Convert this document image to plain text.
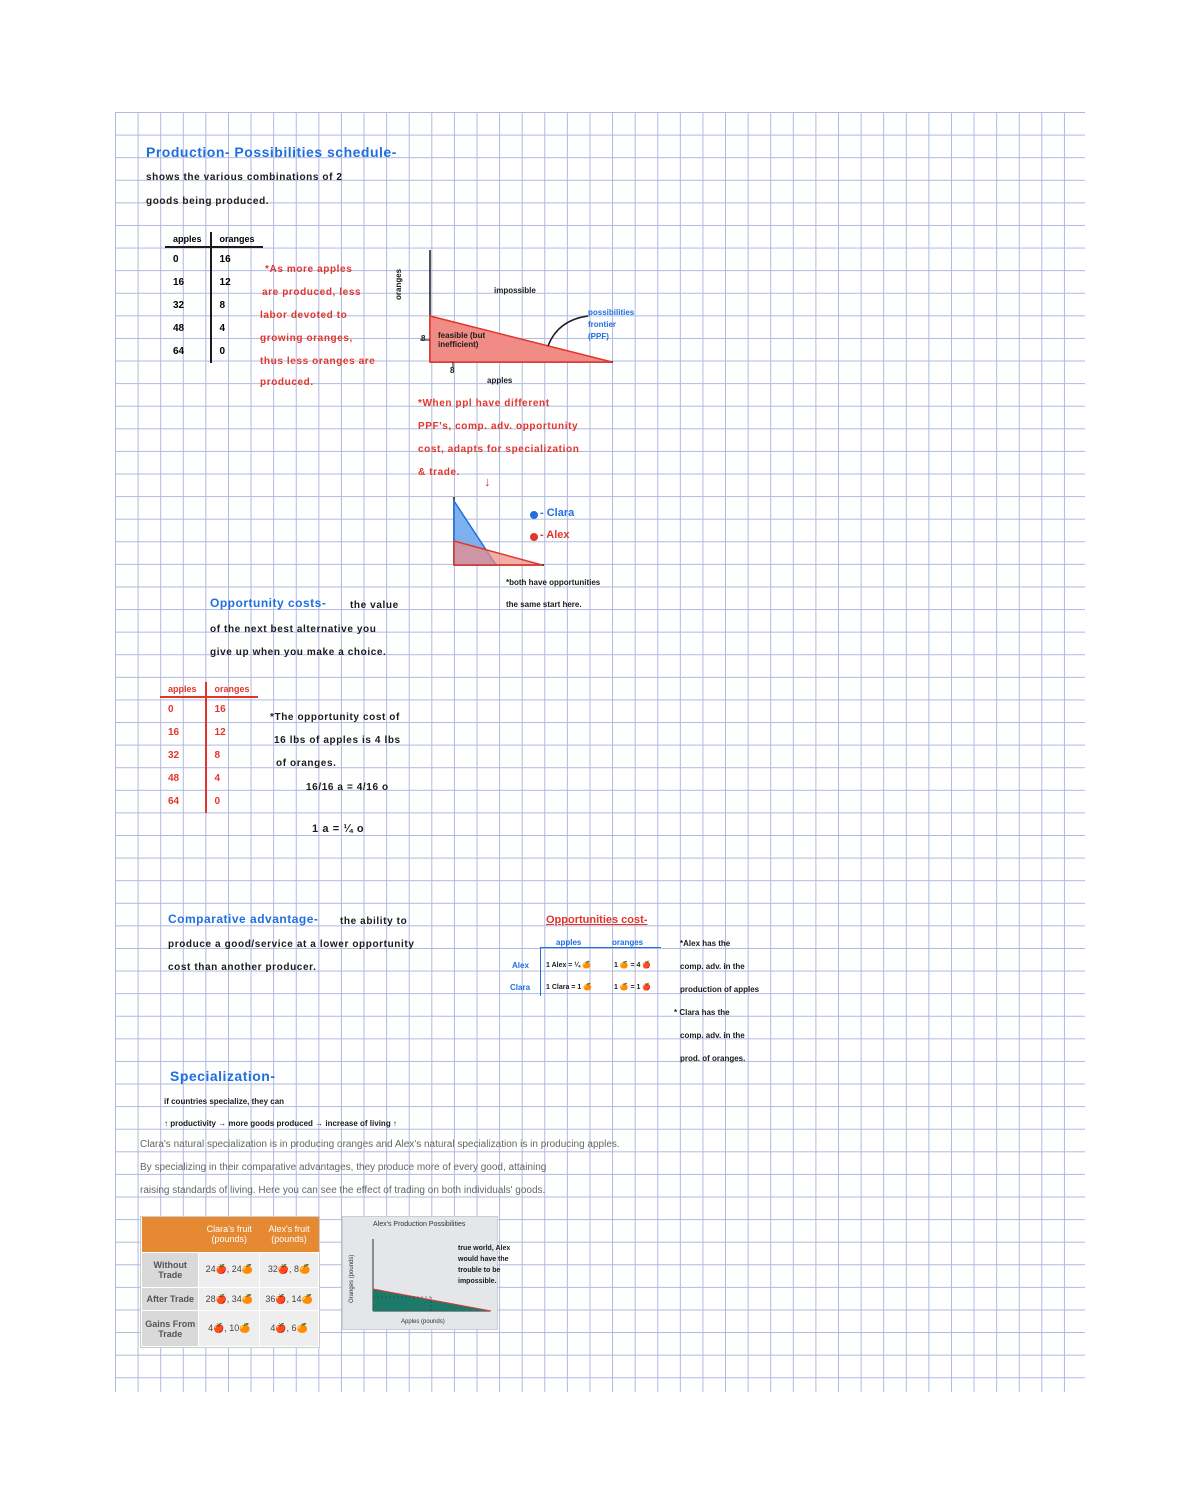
Production- Possibilities schedule-
shows the various combinations of 2
goods being produced.
apples	oranges
0	16
16	12
32	8
48	4
64	0
*As more apples
are produced, less
labor devoted to
growing oranges,
thus less oranges are
produced.
oranges
apples
impossible
feasible (but inefficient)
8
8
possibilities
frontier
(PPF)
*When ppl have different
PPF's, comp. adv. opportunity
cost, adapts for specialization
& trade.
↓
- Clara
- Alex
*both have opportunities
the same start here.
Opportunity costs- the value
of the next best alternative you
give up when you make a choice.
apples	oranges
0	16
16	12
32	8
48	4
64	0
*The opportunity cost of
16 lbs of apples is 4 lbs
of oranges.
16/16 a = 4/16 o
1 a = ¼ o
Comparative advantage- the ability to
produce a good/service at a lower opportunity
cost than another producer.
Opportunities cost-
apples	oranges
Alex 1 Alex = ¼ 🍊	1 🍊 = 4 🍎
Clara 1 Clara = 1 🍊	1 🍊 = 1 🍎
*Alex has the
comp. adv. in the
production of apples
* Clara has the
comp. adv. in the
prod. of oranges.
Specialization-
if countries specialize, they can
↑ productivity → more goods produced → increase of living ↑
Clara's natural specialization is in producing oranges and Alex's natural specialization is in producing apples.
By specializing in their comparative advantages, they produce more of every good, attaining
raising standards of living. Here you can see the effect of trading on both individuals' goods.
	Clara's fruit (pounds)	Alex's fruit (pounds)
Without Trade	24🍎, 24🍊	32🍎, 8🍊
After Trade	28🍎, 34🍊	36🍎, 14🍊
Gains From Trade	4🍎, 10🍊	4🍎, 6🍊
Alex's Production Possibilities
Oranges (pounds)
Apples (pounds)
true world, Alex
would have the
trouble to be
impossible.
